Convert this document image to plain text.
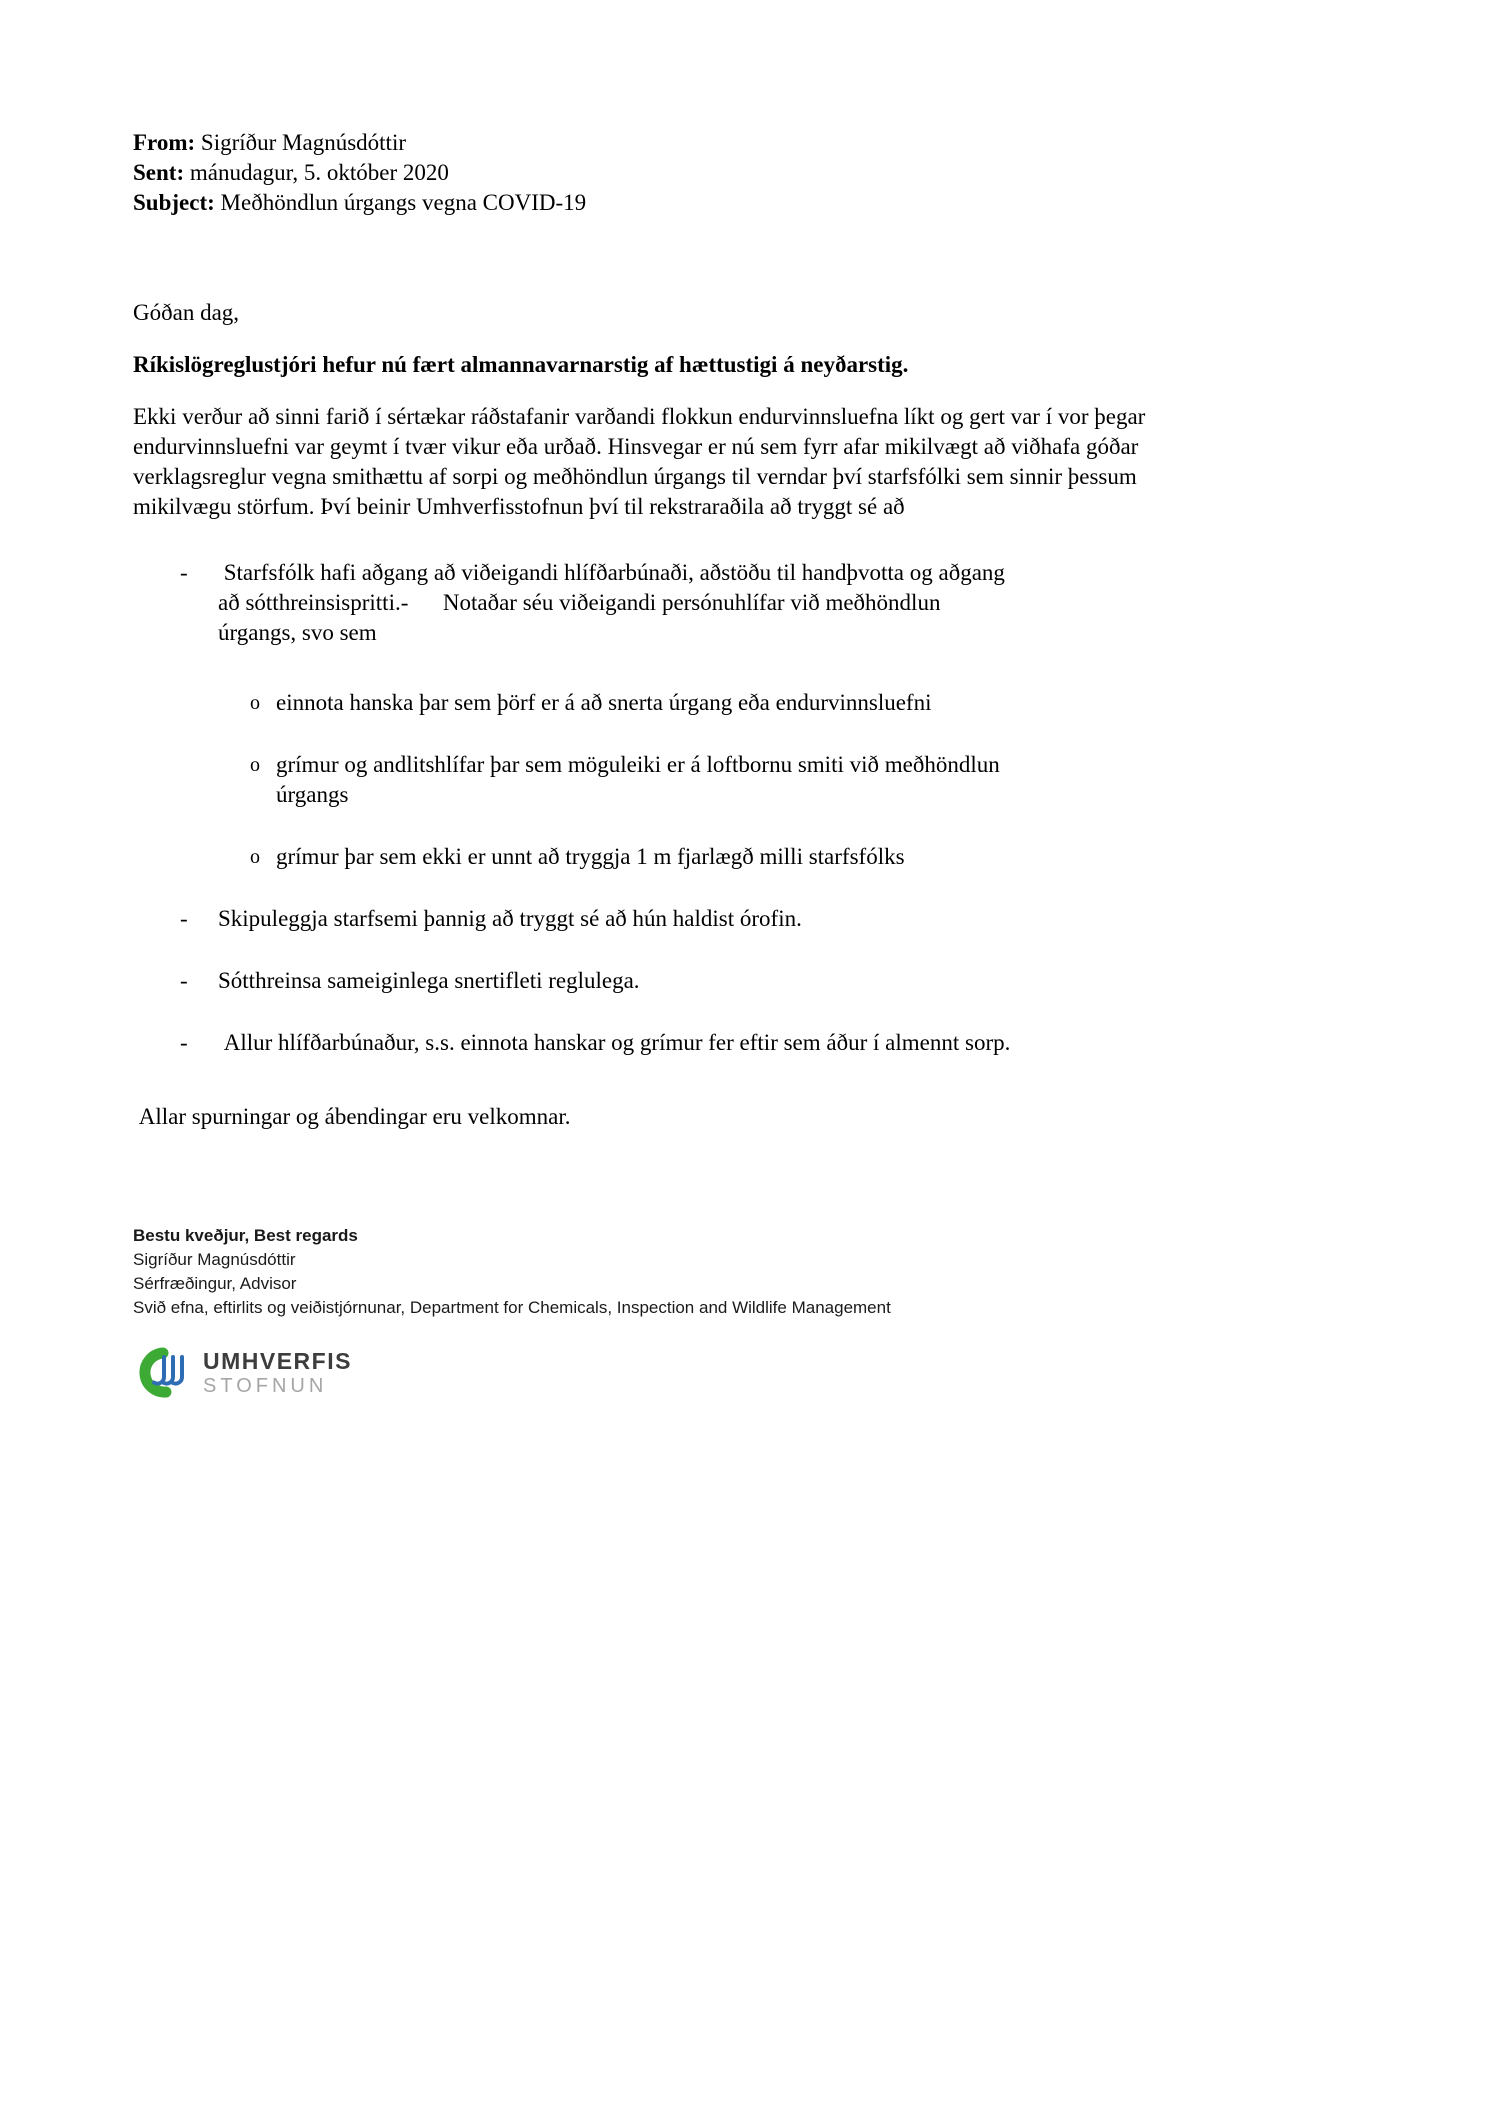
From: Sigríður Magnúsdóttir
Sent: mánudagur, 5. október 2020
Subject: Meðhöndlun úrgangs vegna COVID-19
Góðan dag,
Ríkislögreglustjóri hefur nú fært almannavarnarstig af hættustigi á neyðarstig.
Ekki verður að sinni farið í sértækar ráðstafanir varðandi flokkun endurvinnsluefna líkt og gert var í vor þegar endurvinnsluefni var geymt í tvær vikur eða urðað. Hinsvegar er nú sem fyrr afar mikilvægt að viðhafa góðar verklagsreglur vegna smithættu af sorpi og meðhöndlun úrgangs til verndar því starfsfólki sem sinnir þessum mikilvægu störfum. Því beinir Umhverfisstofnun því til rekstraraðila að tryggt sé að
-	Starfsfólk hafi aðgang að viðeigandi hlífðarbúnaði, aðstöðu til handþvotta og aðgang að sótthreinsispritti.-      Notaðar séu viðeigandi persónuhlífar við meðhöndlun úrgangs, svo sem
o einnota hanska þar sem þörf er á að snerta úrgang eða endurvinnsluefni
o grímur og andlitshlífar þar sem möguleiki er á loftbornu smiti við meðhöndlun úrgangs
o grímur þar sem ekki er unnt að tryggja 1 m fjarlægð milli starfsfólks
-	Skipuleggja starfsemi þannig að tryggt sé að hún haldist órofin.
-	Sótthreinsa sameiginlega snertifleti reglulega.
-	Allur hlífðarbúnaður, s.s. einnota hanskar og grímur fer eftir sem áður í almennt sorp.
Allar spurningar og ábendingar eru velkomnar.
Bestu kveðjur, Best regards
Sigríður Magnúsdóttir
Sérfræðingur, Advisor
Svið efna, eftirlits og veiðistjórnunar, Department for Chemicals, Inspection and Wildlife Management
UMHVERFIS
STOFNUN
